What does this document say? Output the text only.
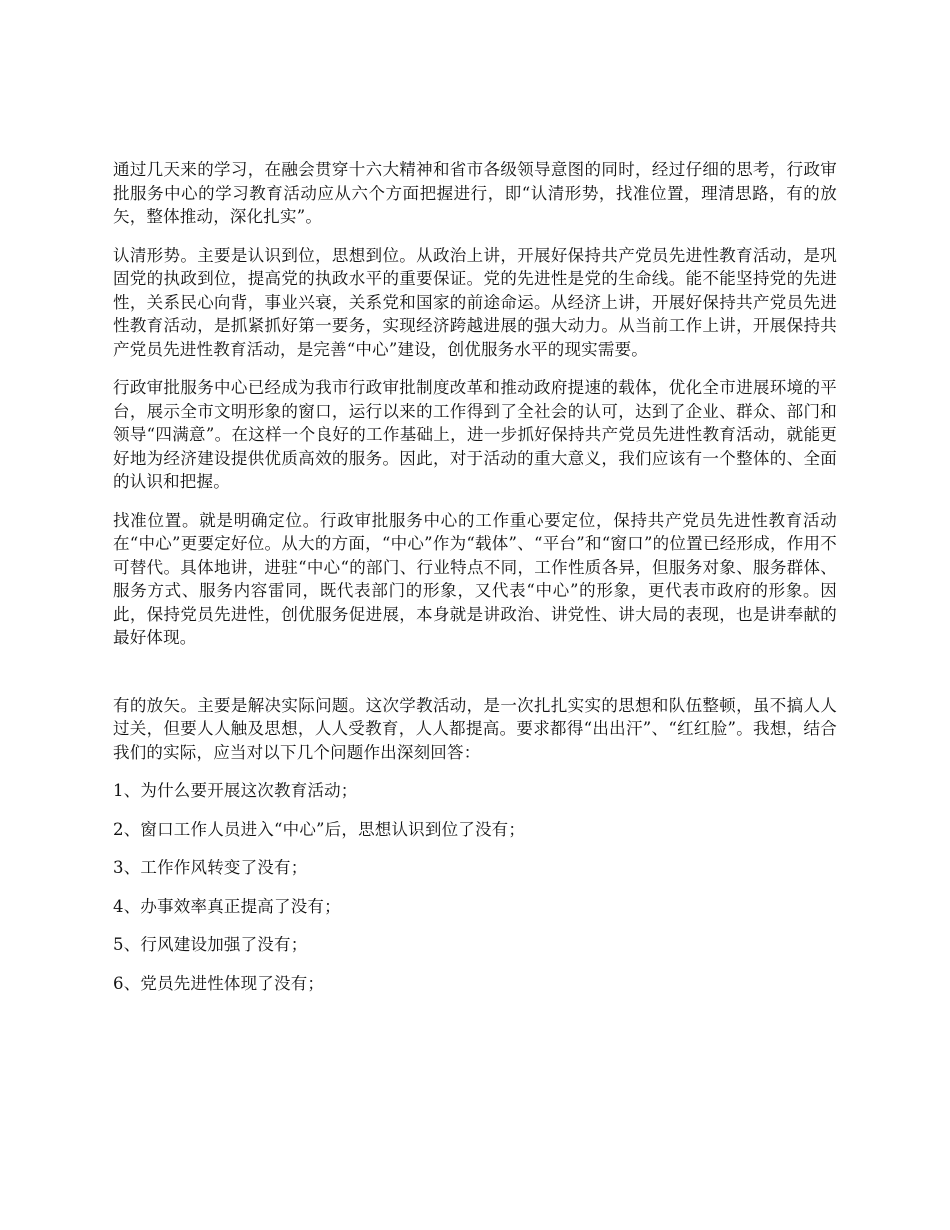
通过几天来的学习，在融会贯穿十六大精神和省市各级领导意图的同时，经过仔细的思考，行政审批服务中心的学习教育活动应从六个方面把握进行，即“认清形势，找准位置，理清思路，有的放矢，整体推动，深化扎实”。

认清形势。主要是认识到位，思想到位。从政治上讲，开展好保持共产党员先进性教育活动，是巩固党的执政到位，提高党的执政水平的重要保证。党的先进性是党的生命线。能不能坚持党的先进性，关系民心向背，事业兴衰，关系党和国家的前途命运。从经济上讲，开展好保持共产党员先进性教育活动，是抓紧抓好第一要务，实现经济跨越进展的强大动力。从当前工作上讲，开展保持共产党员先进性教育活动，是完善“中心”建设，创优服务水平的现实需要。

行政审批服务中心已经成为我市行政审批制度改革和推动政府提速的载体，优化全市进展环境的平台，展示全市文明形象的窗口，运行以来的工作得到了全社会的认可，达到了企业、群众、部门和领导“四满意”。在这样一个良好的工作基础上，进一步抓好保持共产党员先进性教育活动，就能更好地为经济建设提供优质高效的服务。因此，对于活动的重大意义，我们应该有一个整体的、全面的认识和把握。

找准位置。就是明确定位。行政审批服务中心的工作重心要定位，保持共产党员先进性教育活动在“中心”更要定好位。从大的方面，“中心”作为“载体”、“平台”和“窗口”的位置已经形成，作用不可替代。具体地讲，进驻“中心“的部门、行业特点不同，工作性质各异，但服务对象、服务群体、服务方式、服务内容雷同，既代表部门的形象，又代表“中心”的形象，更代表市政府的形象。因此，保持党员先进性，创优服务促进展，本身就是讲政治、讲党性、讲大局的表现，也是讲奉献的最好体现。

有的放矢。主要是解决实际问题。这次学教活动，是一次扎扎实实的思想和队伍整顿，虽不搞人人过关，但要人人触及思想，人人受教育，人人都提高。要求都得“出出汗”、“红红脸”。我想，结合我们的实际，应当对以下几个问题作出深刻回答：

1、为什么要开展这次教育活动；

2、窗口工作人员进入“中心”后，思想认识到位了没有；

3、工作作风转变了没有；

4、办事效率真正提高了没有；

5、行风建设加强了没有；

6、党员先进性体现了没有；
